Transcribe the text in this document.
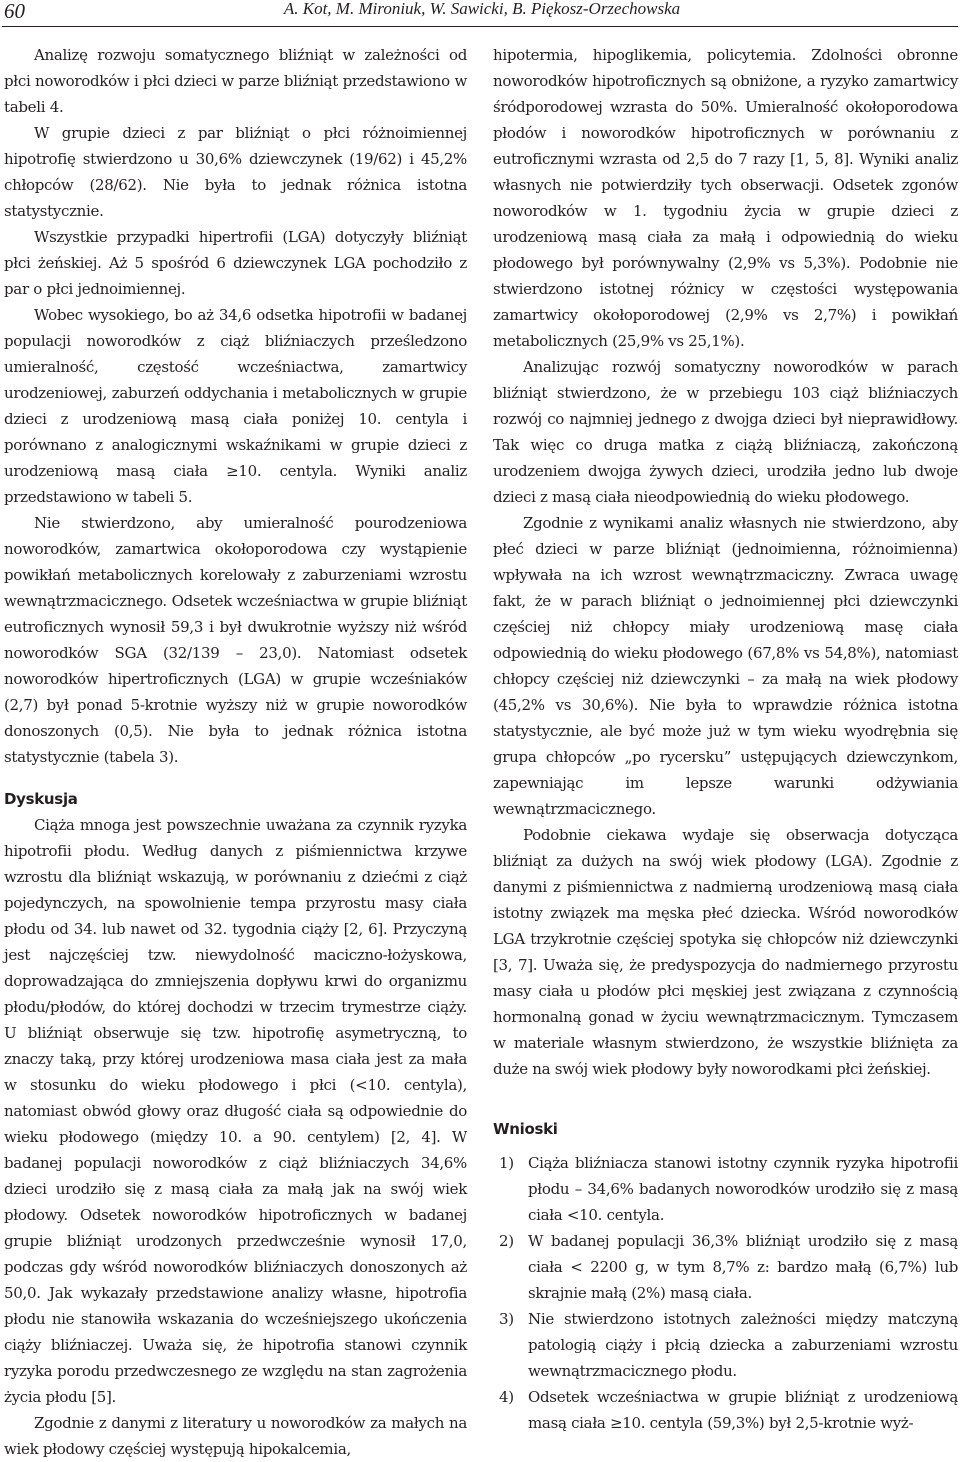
60	A. Kot, M. Mironiuk, W. Sawicki, B. Piękosz-Orzechowska

Analizę rozwoju somatycznego bliźniąt w zależności od płci noworodków i płci dzieci w parze bliźniąt przedstawiono w tabeli 4.

W grupie dzieci z par bliźniąt o płci różnoimiennej hipotrofię stwierdzono u 30,6% dziewczynek (19/62) i 45,2% chłopców (28/62). Nie była to jednak różnica istotna statystycznie.

Wszystkie przypadki hipertrofii (LGA) dotyczyły bliźniąt płci żeńskiej. Aż 5 spośród 6 dziewczynek LGA pochodziło z par o płci jednoimiennej.

Wobec wysokiego, bo aż 34,6 odsetka hipotrofii w badanej populacji noworodków z ciąż bliźniaczych prześledzono umieralność, częstość wcześniactwa, zamartwicy urodzeniowej, zaburzeń oddychania i metabolicznych w grupie dzieci z urodzeniową masą ciała poniżej 10. centyla i porównano z analogicznymi wskaźnikami w grupie dzieci z urodzeniową masą ciała ≥10. centyla. Wyniki analiz przedstawiono w tabeli 5.

Nie stwierdzono, aby umieralność pourodzeniowa noworodków, zamartwica okołoporodowa czy wystąpienie powikłań metabolicznych korelowały z zaburzeniami wzrostu wewnątrzmacicznego. Odsetek wcześniactwa w grupie bliźniąt eutroficznych wynosił 59,3 i był dwukrotnie wyższy niż wśród noworodków SGA (32/139 – 23,0). Natomiast odsetek noworodków hipertroficznych (LGA) w grupie wcześniaków (2,7) był ponad 5-krotnie wyższy niż w grupie noworodków donoszonych (0,5). Nie była to jednak różnica istotna statystycznie (tabela 3).

Dyskusja

Ciąża mnoga jest powszechnie uważana za czynnik ryzyka hipotrofii płodu. Według danych z piśmiennictwa krzywe wzrostu dla bliźniąt wskazują, w porównaniu z dziećmi z ciąż pojedynczych, na spowolnienie tempa przyrostu masy ciała płodu od 34. lub nawet od 32. tygodnia ciąży [2, 6]. Przyczyną jest najczęściej tzw. niewydolność maciczno-łożyskowa, doprowadzająca do zmniejszenia dopływu krwi do organizmu płodu/płodów, do której dochodzi w trzecim trymestrze ciąży. U bliźniąt obserwuje się tzw. hipotrofię asymetryczną, to znaczy taką, przy której urodzeniowa masa ciała jest za mała w stosunku do wieku płodowego i płci (<10. centyla), natomiast obwód głowy oraz długość ciała są odpowiednie do wieku płodowego (między 10. a 90. centylem) [2, 4]. W badanej populacji noworodków z ciąż bliźniaczych 34,6% dzieci urodziło się z masą ciała za małą jak na swój wiek płodowy. Odsetek noworodków hipotroficznych w badanej grupie bliźniąt urodzonych przedwcześnie wynosił 17,0, podczas gdy wśród noworodków bliźniaczych donoszonych aż 50,0. Jak wykazały przedstawione analizy własne, hipotrofia płodu nie stanowiła wskazania do wcześniejszego ukończenia ciąży bliźniaczej. Uważa się, że hipotrofia stanowi czynnik ryzyka porodu przedwczesnego ze względu na stan zagrożenia życia płodu [5].

Zgodnie z danymi z literatury u noworodków za małych na wiek płodowy częściej występują hipokalcemia,

hipotermia, hipoglikemia, policytemia. Zdolności obronne noworodków hipotroficznych są obniżone, a ryzyko zamartwicy śródporodowej wzrasta do 50%. Umieralność okołoporodowa płodów i noworodków hipotroficznych w porównaniu z eutroficznymi wzrasta od 2,5 do 7 razy [1, 5, 8]. Wyniki analiz własnych nie potwierdziły tych obserwacji. Odsetek zgonów noworodków w 1. tygodniu życia w grupie dzieci z urodzeniową masą ciała za małą i odpowiednią do wieku płodowego był porównywalny (2,9% vs 5,3%). Podobnie nie stwierdzono istotnej różnicy w częstości występowania zamartwicy okołoporodowej (2,9% vs 2,7%) i powikłań metabolicznych (25,9% vs 25,1%).

Analizując rozwój somatyczny noworodków w parach bliźniąt stwierdzono, że w przebiegu 103 ciąż bliźniaczych rozwój co najmniej jednego z dwojga dzieci był nieprawidłowy. Tak więc co druga matka z ciążą bliźniaczą, zakończoną urodzeniem dwojga żywych dzieci, urodziła jedno lub dwoje dzieci z masą ciała nieodpowiednią do wieku płodowego.

Zgodnie z wynikami analiz własnych nie stwierdzono, aby płeć dzieci w parze bliźniąt (jednoimienna, różnoimienna) wpływała na ich wzrost wewnątrzmaciczny. Zwraca uwagę fakt, że w parach bliźniąt o jednoimiennej płci dziewczynki częściej niż chłopcy miały urodzeniową masę ciała odpowiednią do wieku płodowego (67,8% vs 54,8%), natomiast chłopcy częściej niż dziewczynki – za małą na wiek płodowy (45,2% vs 30,6%). Nie była to wprawdzie różnica istotna statystycznie, ale być może już w tym wieku wyodrębnia się grupa chłopców „po rycersku” ustępujących dziewczynkom, zapewniając im lepsze warunki odżywiania wewnątrzmacicznego.

Podobnie ciekawa wydaje się obserwacja dotycząca bliźniąt za dużych na swój wiek płodowy (LGA). Zgodnie z danymi z piśmiennictwa z nadmierną urodzeniową masą ciała istotny związek ma męska płeć dziecka. Wśród noworodków LGA trzykrotnie częściej spotyka się chłopców niż dziewczynki [3, 7]. Uważa się, że predyspozycja do nadmiernego przyrostu masy ciała u płodów płci męskiej jest związana z czynnością hormonalną gonad w życiu wewnątrzmacicznym. Tymczasem w materiale własnym stwierdzono, że wszystkie bliźnięta za duże na swój wiek płodowy były noworodkami płci żeńskiej.

Wnioski
1) Ciąża bliźniacza stanowi istotny czynnik ryzyka hipotrofii płodu – 34,6% badanych noworodków urodziło się z masą ciała <10. centyla.
2) W badanej populacji 36,3% bliźniąt urodziło się z masą ciała < 2200 g, w tym 8,7% z: bardzo małą (6,7%) lub skrajnie małą (2%) masą ciała.
3) Nie stwierdzono istotnych zależności między matczyną patologią ciąży i płcią dziecka a zaburzeniami wzrostu wewnątrzmacicznego płodu.
4) Odsetek wcześniactwa w grupie bliźniąt z urodzeniową masą ciała ≥10. centyla (59,3%) był 2,5-krotnie wyż-
